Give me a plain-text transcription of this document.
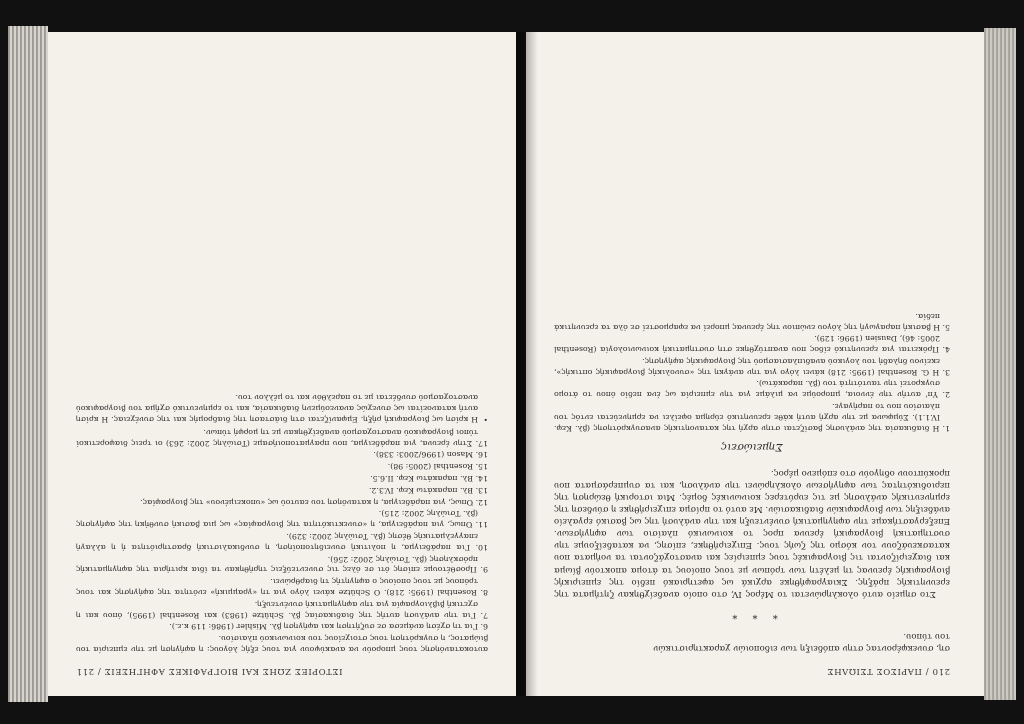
210 / ΠΑΡΙΣΟΣ ΤΣΙΩΛΗΣ

ση, συνεκφέροντας στην απόδειξη των ειδοποιών χαρακτηριστικών

του τύπου.

* * *

Στο σημείο αυτό ολοκληρώνεται το Μέρος IV, στο οποίο αναδείχθηκαν ζητήματα της ερευνητικής πράξης. Σκιαγραφήθηκε αρχικά ως αφετηριακό πεδίο της εμπειρικής βιογραφικής έρευνας τη μελέτη των τρόπων με τους οποίους τα άτομα αποκτούν βίωμα και διαχειρίζονται τις βιογραφικές τους εμπειρίες και αναστοχάζονται τα νοήματα που κατασκευάζουν τον κόσμο της ζωής τους. Επιχειρήθηκε, επίσης, να καταδείξουμε την συστηματική βιογραφική έρευνα προς το κοινωνικό πλαίσιο των αφηγήσεων. Επεξεργαστήκαμε την αφηγηματική συνέντευξη και την ανάλυσή της ως βασικό εργαλείο ανάδειξης των βιογραφικών διαδικασιών. Με αυτό το πρίσμα επιχειρήθηκε η σύνδεση της ερμηνευτικής ανάλυσης με τις ευρύτερες κοινωνικές δομές. Μια ιστορική θεώρηση της περιοδικότητας των αφηγήσεων ολοκληρώνει την ανάλυση, και τα συμπεράσματα που προκύπτουν οδηγούν στο επόμενο μέρος.

Σημειώσεις

1. Η διαδικασία της ανάλυσης βασίζεται στην αρχή της κατανοητικής ανασυγκρότησης (βλ. Κεφ. IV.1.1). Σύμφωνα με την αρχή αυτή κάθε ερευνητικό εύρημα οφείλει να ερμηνεύεται εντός του πλαισίου που το παρήγαγε.

2. Υπ' αυτήν την έννοια, μπορούμε να μιλάμε για την εμπειρία ως ένα πεδίο όπου το άτομο συγκροτεί την ταυτότητά του (βλ. παρακάτω).

3. Η G. Rosenthal (1995: 218) κάνει λόγο για την ανάγκη της «συνολικής βιογραφικής οπτικής», εκείνου δηλαδή του λογικού αναδιπλασιασμού της βιογραφικής αφήγησης.

4. Πρόκειται για ερευνητικό είδος που αναπτύχθηκε στη συστηματική κοινωνιολογία (Rosenthal 2005: 46), Dausien (1996: 129).

5. Η βασική παραγωγή της λόγου ενώπιον της έρευνας μπορεί να εφαρμοστεί σε όλα τα ερευνητικά πεδία.

ΙΣΤΟΡΙΕΣ ΖΩΗΣ ΚΑΙ ΒΙΟΓΡΑΦΙΚΕΣ ΑΦΗΓΗΣΕΙΣ / 211

αυτοκατανόησης τους μπορούν να ανακύψουν για τους εξής λόγους: η αφήγηση με την εμπειρία του βιώματος, η συγκρότηση τους στοιχείους του κοινωνικού πλαισίου.

6. Για τη σχέση ανάμεσα σε συζήτηση και αφήγηση βλ. Mishler (1986: 119 κ.ε.).

7. Για την ανάλυση αυτής της διαδικασίας βλ. Schütze (1983) και Rosenthal (1995), όπου και η σχετική βιβλιογραφία για την αφηγηματική συνέντευξη.

8. Rosenthal (1995: 218). Ο Schütze κάνει λόγο για τη «γραμμική» ενότητα της αφήγησης και τους τρόπους με τους οποίους ο αφηγητής τη διαρθρώνει.

9. Προσθέτουμε επίσης ότι σε όλες τις συνεντεύξεις τηρήθηκαν τα ίδια κριτήρια της αφηγηματικής πρόσκλησης (βλ. Τσιώλης 2002: 256).

10. Για παράδειγμα, η πολιτική συνειδητοποίηση, η συνδικαλιστική δραστηριότητα ή η αλλαγή επαγγελματικής θέσης (βλ. Τσιώλης 2002: 329).

11. Όπως, για παράδειγμα, η «συνεκτικότητα της βιογραφίας» ως μια βασική συνθήκη της αφήγησης (βλ. Τσιώλης 2002: 215).

12. Όπως, για παράδειγμα, η κατανόηση του εαυτού ως «υποκειμένου» της βιογραφίας.

13. Βλ. παρακάτω Κεφ. IV.3.2.

14. Βλ. παρακάτω Κεφ. II.6.5.

15. Rosenthal (2005: 98).

16. Mason (1996/2003: 338).

17. Στην έρευνα, για παράδειγμα, που πραγματοποιήσαμε (Τσιώλης 2002: 263) οι τρεις διαφορετικοί τύποι βιογραφικού αναστοχασμού αναδείχθηκαν με τη μορφή τύπων.

• Η κρίση ως βιογραφική ρήξη. Εμφανίζεται στη διάσταση της διαδρομής και της συνέχειας. Η κρίση αυτή κατανοείται ως συνεχώς ανανεούμενη διαδικασία, και το ερμηνευτικό σχήμα του βιογραφικού αναστοχασμού συνδέεται με το παρελθόν και το μέλλον του.
